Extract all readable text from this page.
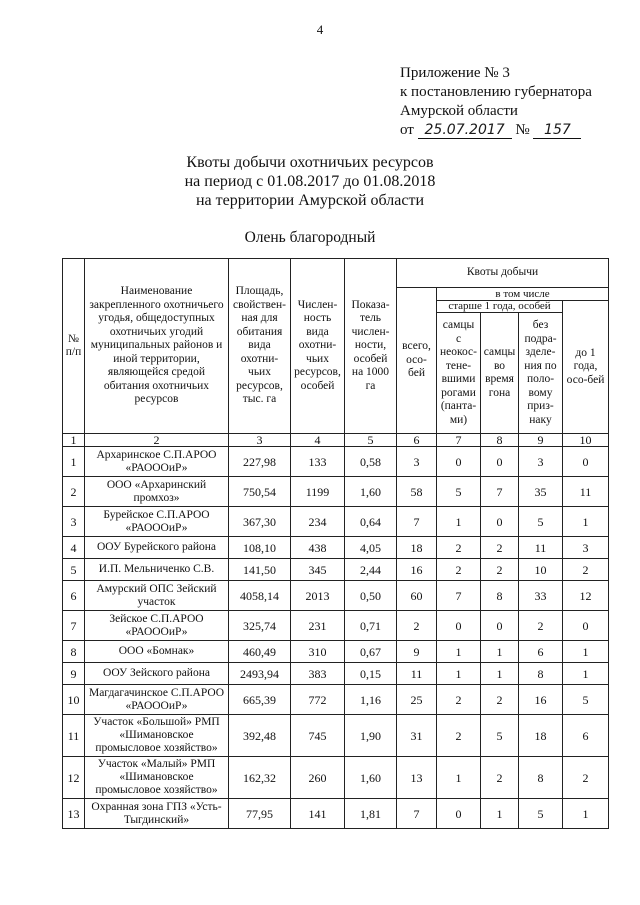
4
Приложение № 3
к постановлению губернатора
Амурской области
от 25.07.2017 № 157
Квоты добычи охотничьих ресурсов
на период с 01.08.2017 до 01.08.2018
на территории Амурской области
Олень благородный
№ п/п	Наименование закрепленного охотничьего угодья, общедоступных охотничьих угодий муниципальных районов и иной территории, являющейся средой обитания охотничьих ресурсов	Площадь, свойствен-ная для обитания вида охотни-чьих ресурсов, тыс. га	Числен-ность вида охотни-чьих ресурсов, особей	Показа-тель числен-ности, особей на 1000 га	Квоты добычи				
					всего, осо-бей	в том числе			
						старше 1 года, особей			до 1 года, осо-бей
						самцы с неокос-тене-вшими рогами (панта-ми)	самцы во время гона	без подра-зделе-ния по поло-вому приз-наку	
1	2	3	4	5	6	7	8	9	10
1	Архаринское С.П.АРОО «РАОООиР»	227,98	133	0,58	3	0	0	3	0
2	ООО «Архаринский промхоз»	750,54	1199	1,60	58	5	7	35	11
3	Бурейское С.П.АРОО «РАОООиР»	367,30	234	0,64	7	1	0	5	1
4	ООУ Бурейского района	108,10	438	4,05	18	2	2	11	3
5	И.П. Мельниченко С.В.	141,50	345	2,44	16	2	2	10	2
6	Амурский ОПС Зейский участок	4058,14	2013	0,50	60	7	8	33	12
7	Зейское С.П.АРОО «РАОООиР»	325,74	231	0,71	2	0	0	2	0
8	ООО «Бомнак»	460,49	310	0,67	9	1	1	6	1
9	ООУ Зейского района	2493,94	383	0,15	11	1	1	8	1
10	Магдагачинское С.П.АРОО «РАОООиР»	665,39	772	1,16	25	2	2	16	5
11	Участок «Большой» РМП «Шимановское промысловое хозяйство»	392,48	745	1,90	31	2	5	18	6
12	Участок «Малый» РМП «Шимановское промысловое хозяйство»	162,32	260	1,60	13	1	2	8	2
13	Охранная зона ГПЗ «Усть-Тыгдинский»	77,95	141	1,81	7	0	1	5	1
